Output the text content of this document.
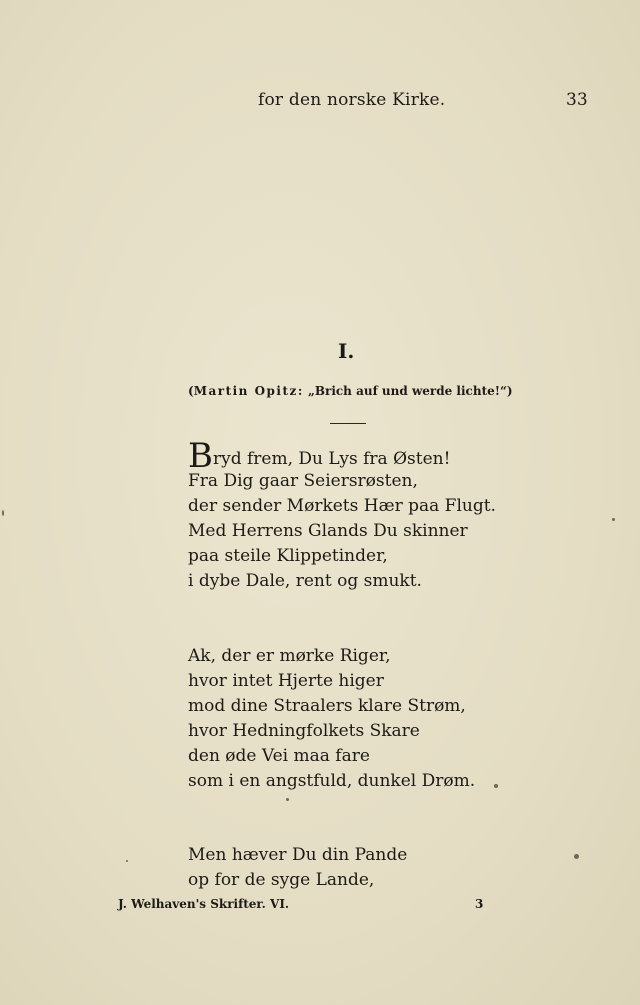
for den norske Kirke.	33
I.
(Martin Opitz: „Brich auf und werde lichte!“)
Bryd frem, Du Lys fra Østen!
Fra Dig gaar Seiersrøsten,
der sender Mørkets Hær paa Flugt.
Med Herrens Glands Du skinner
paa steile Klippetinder,
i dybe Dale, rent og smukt.
Ak, der er mørke Riger,
hvor intet Hjerte higer
mod dine Straalers klare Strøm,
hvor Hedningfolkets Skare
den øde Vei maa fare
som i en angstfuld, dunkel Drøm.
Men hæver Du din Pande
op for de syge Lande,
J. Welhaven's Skrifter. VI.	3
